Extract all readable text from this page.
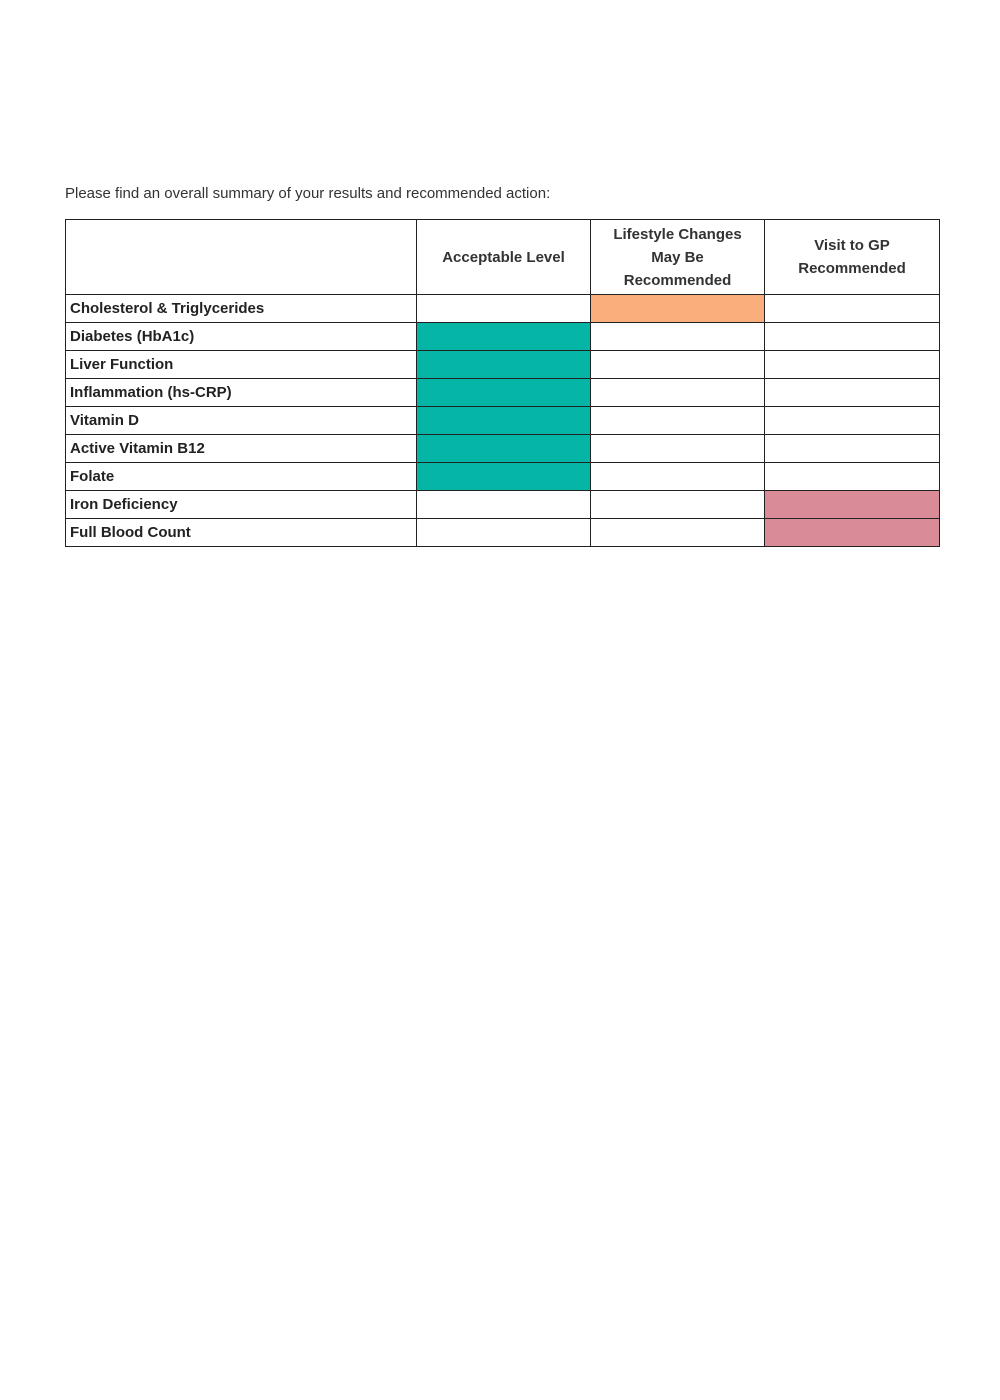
Please find an overall summary of your results and recommended action:
	Acceptable Level	Lifestyle Changes May Be Recommended	Visit to GP Recommended
Cholesterol & Triglycerides			
Diabetes (HbA1c)			
Liver Function			
Inflammation (hs-CRP)			
Vitamin D			
Active Vitamin B12			
Folate			
Iron Deficiency			
Full Blood Count			
